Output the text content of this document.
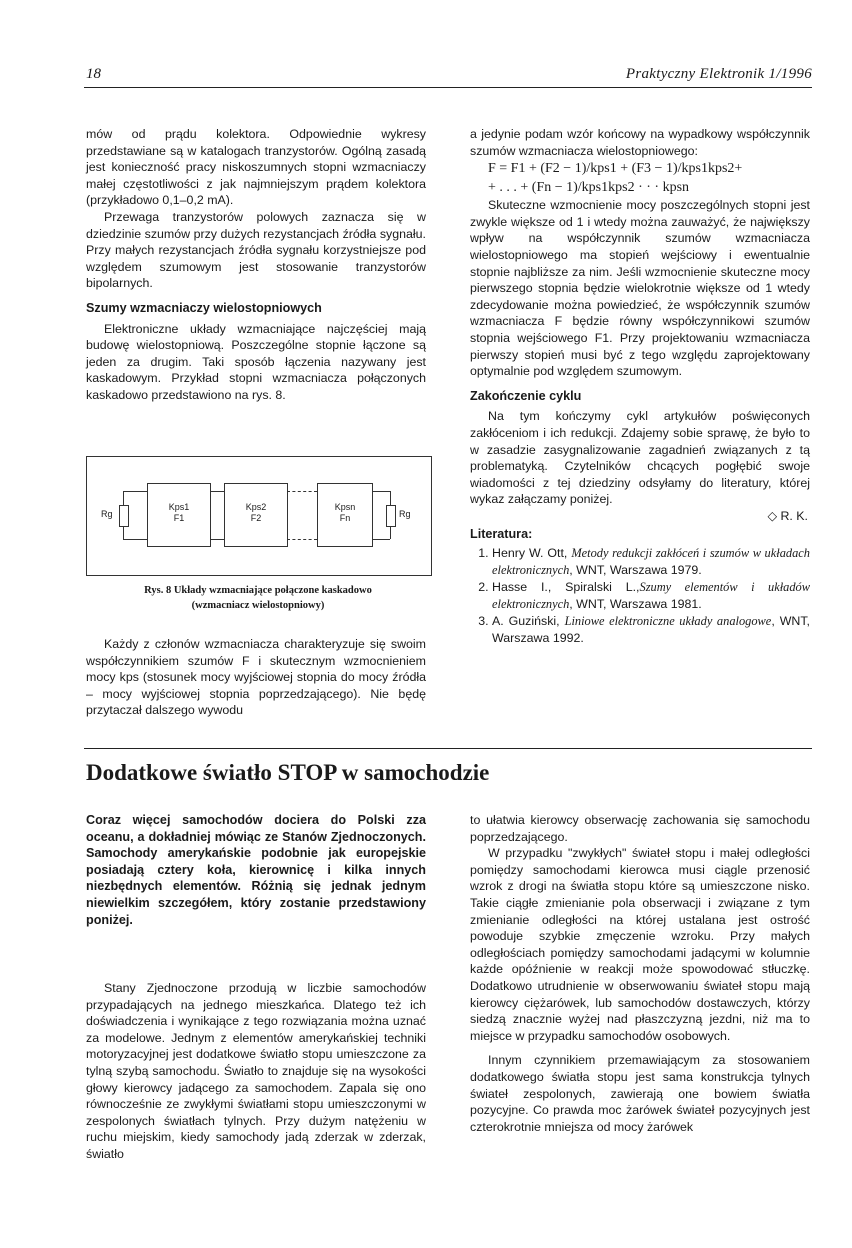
18	Praktyczny Elektronik 1/1996

mów od prądu kolektora. Odpowiednie wykresy przedstawiane są w katalogach tranzystorów. Ogólną zasadą jest konieczność pracy niskoszumnych stopni wzmacniaczy małej częstotliwości z jak najmniejszym prądem kolektora (przykładowo 0,1–0,2 mA).

Przewaga tranzystorów polowych zaznacza się w dziedzinie szumów przy dużych rezystancjach źródła sygnału. Przy małych rezystancjach źródła sygnału korzystniejsze pod względem szumowym jest stosowanie tranzystorów bipolarnych.

Szumy wzmacniaczy wielostopniowych

Elektroniczne układy wzmacniające najczęściej mają budowę wielostopniową. Poszczególne stopnie łączone są jeden za drugim. Taki sposób łączenia nazywany jest kaskadowym. Przykład stopni wzmacniacza połączonych kaskadowo przedstawiono na rys. 8.

Rg
Kps1
F1
Kps2
F2
Kpsn
Fn	Rg
Rys. 8 Układy wzmacniające połączone kaskadowo
(wzmacniacz wielostopniowy)

Każdy z członów wzmacniacza charakteryzuje się swoim współczynnikiem szumów F i skutecznym wzmocnieniem mocy kps (stosunek mocy wyjściowej stopnia do mocy źródła – mocy wyjściowej stopnia poprzedzającego). Nie będę przytaczał dalszego wywodu

a jedynie podam wzór końcowy na wypadkowy współczynnik szumów wzmacniacza wielostopniowego:

F = F1 + (F2 − 1)/kps1 + (F3 − 1)/kps1kps2+
+ . . . + (Fn − 1)/kps1kps2 · · · kpsn

Skuteczne wzmocnienie mocy poszczególnych stopni jest zwykle większe od 1 i wtedy można zauważyć, że największy wpływ na współczynnik szumów wzmacniacza wielostopniowego ma stopień wejściowy i ewentualnie stopnie najbliższe za nim. Jeśli wzmocnienie skuteczne mocy pierwszego stopnia będzie wielokrotnie większe od 1 wtedy zdecydowanie można powiedzieć, że współczynnik szumów wzmacniacza F będzie równy współczynnikowi szumów stopnia wejściowego F1. Przy projektowaniu wzmacniacza pierwszy stopień musi być z tego względu zaprojektowany optymalnie pod względem szumowym.

Zakończenie cyklu

Na tym kończymy cykl artykułów poświęconych zakłóceniom i ich redukcji. Zdajemy sobie sprawę, że było to w zasadzie zasygnalizowanie zagadnień związanych z tą problematyką. Czytelników chcących pogłębić swoje wiadomości z tej dziedziny odsyłamy do literatury, której wykaz załączamy poniżej.

◇ R. K.
Literatura:
1. Henry W. Ott, Metody redukcji zakłóceń i szumów w układach elektronicznych, WNT, Warszawa 1979.
2. Hasse I., Spiralski L.,Szumy elementów i układów elektronicznych, WNT, Warszawa 1981.
3. A. Guziński, Liniowe elektroniczne układy analogowe, WNT, Warszawa 1992.
Dodatkowe światło STOP w samochodzie

Coraz więcej samochodów dociera do Polski zza oceanu, a dokładniej mówiąc ze Stanów Zjednoczonych. Samochody amerykańskie podobnie jak europejskie posiadają cztery koła, kierownicę i kilka innych niezbędnych elementów. Różnią się jednak jednym niewielkim szczegółem, który zostanie przedstawiony poniżej.

Stany Zjednoczone przodują w liczbie samochodów przypadających na jednego mieszkańca. Dlatego też ich doświadczenia i wynikające z tego rozwiązania można uznać za modelowe. Jednym z elementów amerykańskiej techniki motoryzacyjnej jest dodatkowe światło stopu umieszczone za tylną szybą samochodu. Światło to znajduje się na wysokości głowy kierowcy jadącego za samochodem. Zapala się ono równocześnie ze zwykłymi światłami stopu umieszczonymi w zespolonych światłach tylnych. Przy dużym natężeniu w ruchu miejskim, kiedy samochody jadą zderzak w zderzak, światło

to ułatwia kierowcy obserwację zachowania się samochodu poprzedzającego.

W przypadku "zwykłych" świateł stopu i małej odległości pomiędzy samochodami kierowca musi ciągle przenosić wzrok z drogi na światła stopu które są umieszczone nisko. Takie ciągłe zmienianie pola obserwacji i związane z tym zmienianie odległości na której ustalana jest ostrość powoduje szybkie zmęczenie wzroku. Przy małych odległościach pomiędzy samochodami jadącymi w kolumnie każde opóźnienie w reakcji może spowodować stłuczkę. Dodatkowo utrudnienie w obserwowaniu świateł stopu mają kierowcy ciężarówek, lub samochodów dostawczych, którzy siedzą znacznie wyżej nad płaszczyzną jezdni, niż ma to miejsce w przypadku samochodów osobowych.

Innym czynnikiem przemawiającym za stosowaniem dodatkowego światła stopu jest sama konstrukcja tylnych świateł zespolonych, zawierają one bowiem światła pozycyjne. Co prawda moc żarówek świateł pozycyjnych jest czterokrotnie mniejsza od mocy żarówek
